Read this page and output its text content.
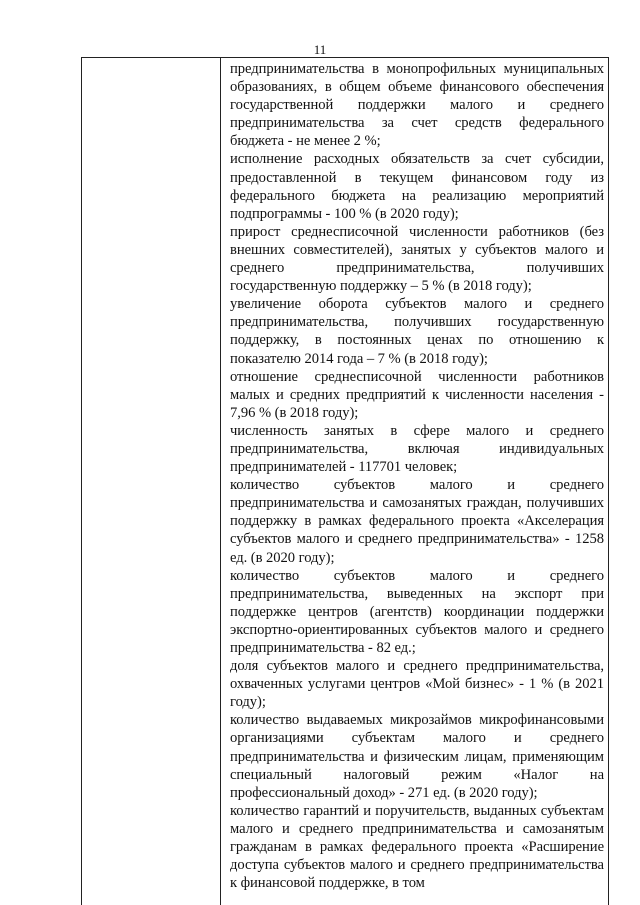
11

предпринимательства в монопрофильных муниципальных образованиях, в общем объеме финансового обеспечения государственной поддержки малого и среднего предпринимательства за счет средств федерального бюджета - не менее 2 %;

исполнение расходных обязательств за счет субсидии, предоставленной в текущем финансовом году из федерального бюджета на реализацию мероприятий подпрограммы - 100 % (в 2020 году);

прирост среднесписочной численности работников (без внешних совместителей), занятых у субъектов малого и среднего предпринимательства, получивших государственную поддержку – 5 % (в 2018 году);

увеличение оборота субъектов малого и среднего предпринимательства, получивших государственную поддержку, в постоянных ценах по отношению к показателю 2014 года – 7 % (в 2018 году);

отношение среднесписочной численности работников малых и средних предприятий к численности населения - 7,96 % (в 2018 году);

численность занятых в сфере малого и среднего предпринимательства, включая индивидуальных предпринимателей - 117701 человек;

количество субъектов малого и среднего предпринимательства и самозанятых граждан, получивших поддержку в рамках федерального проекта «Акселерация субъектов малого и среднего предпринимательства» - 1258 ед. (в 2020 году);

количество субъектов малого и среднего предпринимательства, выведенных на экспорт при поддержке центров (агентств) координации поддержки экспортно-ориентированных субъектов малого и среднего предпринимательства - 82 ед.;

доля субъектов малого и среднего предпринимательства, охваченных услугами центров «Мой бизнес» - 1 % (в 2021 году);

количество выдаваемых микрозаймов микрофинансовыми организациями субъектам малого и среднего предпринимательства и физическим лицам, применяющим специальный налоговый режим «Налог на профессиональный доход» - 271 ед. (в 2020 году);

количество гарантий и поручительств, выданных субъектам малого и среднего предпринимательства и самозанятым гражданам в рамках федерального проекта «Расширение доступа субъектов малого и среднего предпринимательства к финансовой поддержке, в том
